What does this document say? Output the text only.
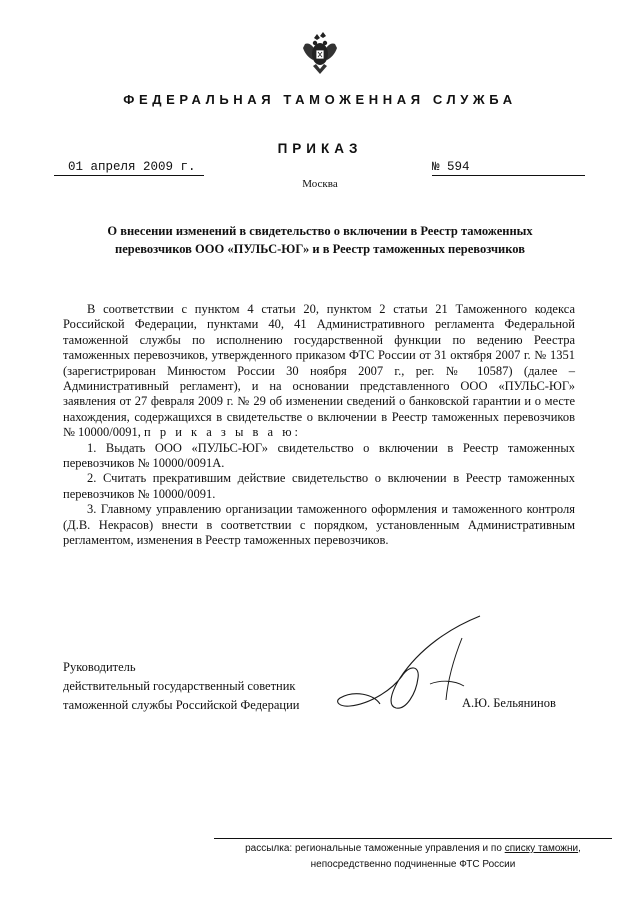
ФЕДЕРАЛЬНАЯ ТАМОЖЕННАЯ СЛУЖБА
ПРИКАЗ
01 апреля 2009 г.	№ 594
Москва
О внесении изменений в свидетельство о включении в Реестр таможенных
перевозчиков ООО «ПУЛЬС-ЮГ» и в Реестр таможенных перевозчиков

В соответствии с пунктом 4 статьи 20, пунктом 2 статьи 21 Таможенного кодекса Российской Федерации, пунктами 40, 41 Административного регламента Федеральной таможенной службы по исполнению государственной функции по ведению Реестра таможенных перевозчиков, утвержденного приказом ФТС России от 31 октября 2007 г. № 1351 (зарегистрирован Минюстом России 30 ноября 2007 г., рег. № 10587) (далее – Административный регламент), и на основании представленного ООО «ПУЛЬС-ЮГ» заявления от 27 февраля 2009 г. № 29 об изменении сведений о банковской гарантии и о месте нахождения, содержащихся в свидетельстве о включении в Реестр таможенных перевозчиков № 10000/0091, п р и к а з ы в а ю:

1. Выдать ООО «ПУЛЬС-ЮГ» свидетельство о включении в Реестр таможенных перевозчиков № 10000/0091А.

2. Считать прекратившим действие свидетельство о включении в Реестр таможенных перевозчиков № 10000/0091.

3. Главному управлению организации таможенного оформления и таможенного контроля (Д.В. Некрасов) внести в соответствии с порядком, установленным Административным регламентом, изменения в Реестр таможенных перевозчиков.

Руководитель
действительный государственный советник
таможенной службы Российской Федерации	А.Ю. Бельянинов
рассылка: региональные таможенные управления и по списку таможни,
непосредственно подчиненные ФТС России
